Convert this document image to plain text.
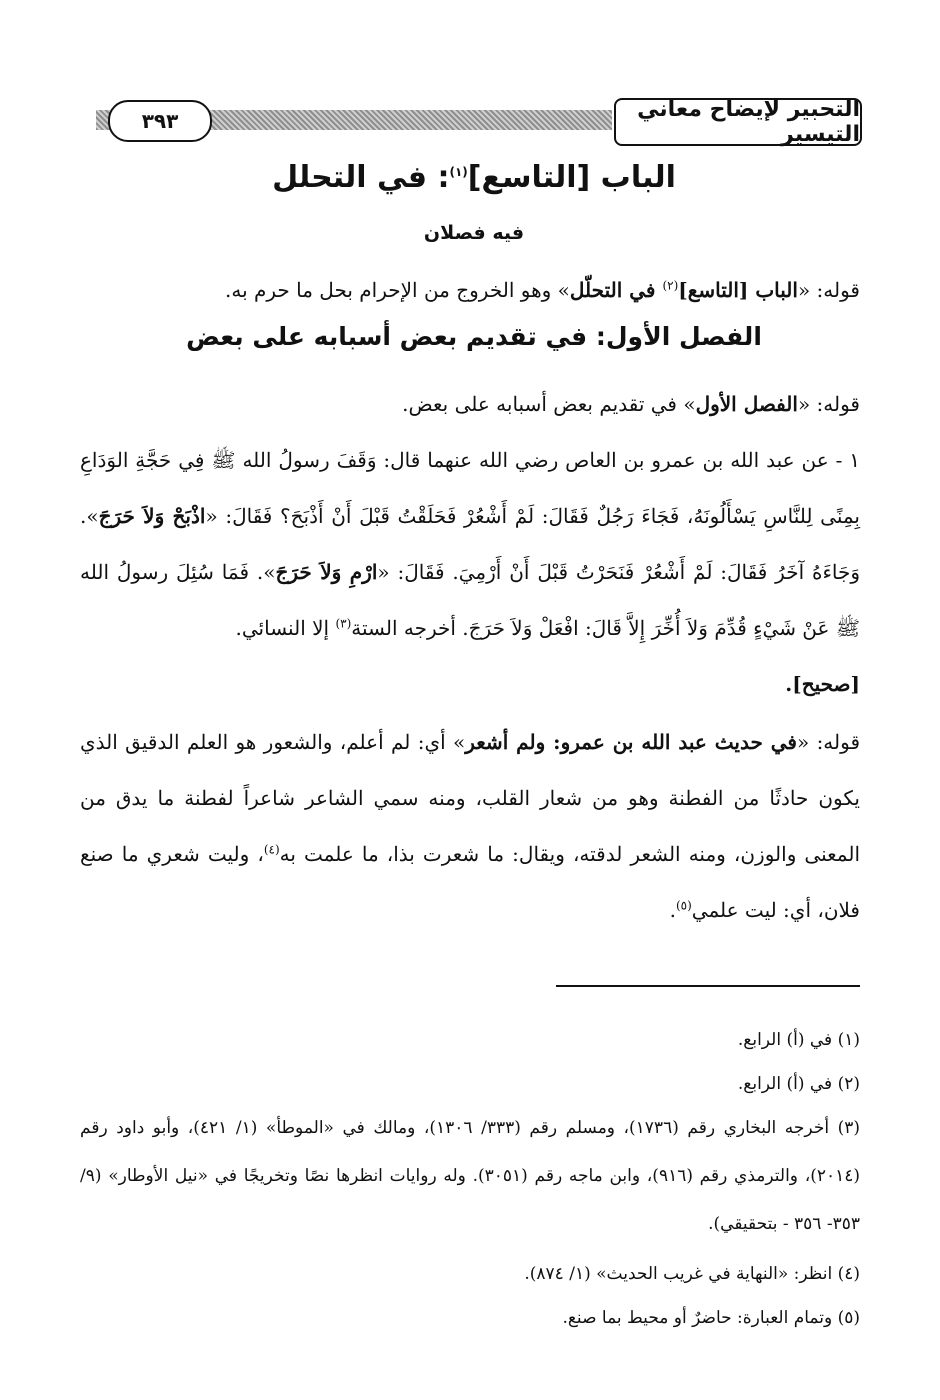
٣٩٣	التحبير لإيضاح معاني التيسير
الباب [التاسع]$^{(١)}$: في التحلل
فيه فصلان
قوله: «الباب [التاسع]$^{(٢)}$ في التحلّل» وهو الخروج من الإحرام بحل ما حرم به.
الفصل الأول: في تقديم بعض أسبابه على بعض
قوله: «الفصل الأول» في تقديم بعض أسبابه على بعض.
١ - عن عبد الله بن عمرو بن العاص رضي الله عنهما قال: وَقَفَ رسولُ الله ﷺ فِي حَجَّةِ الوَدَاعِ بِمِنًى لِلنَّاسِ يَسْأَلُونَهُ، فَجَاءَ رَجُلٌ فَقَالَ: لَمْ أَشْعُرْ فَحَلَقْتُ قَبْلَ أَنْ أَذْبَحَ؟ فَقَالَ: «اذْبَحْ وَلاَ حَرَجَ». وَجَاءَهُ آخَرُ فَقَالَ: لَمْ أَشْعُرْ فَنَحَرْتُ قَبْلَ أَنْ أَرْمِيَ. فَقَالَ: «ارْمِ وَلاَ حَرَجَ». فَمَا سُئِلَ رسولُ الله ﷺ عَنْ شَيْءٍ قُدِّمَ وَلاَ أُخِّرَ إِلاَّ قَالَ: افْعَلْ وَلاَ حَرَجَ. أخرجه الستة$^{(٣)}$ إلا النسائي.
[صحيح].
قوله: «في حديث عبد الله بن عمرو: ولم أشعر» أي: لم أعلم، والشعور هو العلم الدقيق الذي يكون حادثًا من الفطنة وهو من شعار القلب، ومنه سمي الشاعر شاعراً لفطنة ما يدق من المعنى والوزن، ومنه الشعر لدقته، ويقال: ما شعرت بذا، ما علمت به$^{(٤)}$، وليت شعري ما صنع فلان، أي: ليت علمي$^{(٥)}$.
(١) في (أ) الرابع.
(٢) في (أ) الرابع.
(٣) أخرجه البخاري رقم (١٧٣٦)، ومسلم رقم (٣٣٣/ ١٣٠٦)، ومالك في «الموطأ» (١/ ٤٢١)، وأبو داود رقم (٢٠١٤)، والترمذي رقم (٩١٦)، وابن ماجه رقم (٣٠٥١). وله روايات انظرها نصًا وتخريجًا في «نيل الأوطار» (٩/ ٣٥٣- ٣٥٦ - بتحقيقي).
(٤) انظر: «النهاية في غريب الحديث» (١/ ٨٧٤).
(٥) وتمام العبارة: حاضرٌ أو محيط بما صنع.
